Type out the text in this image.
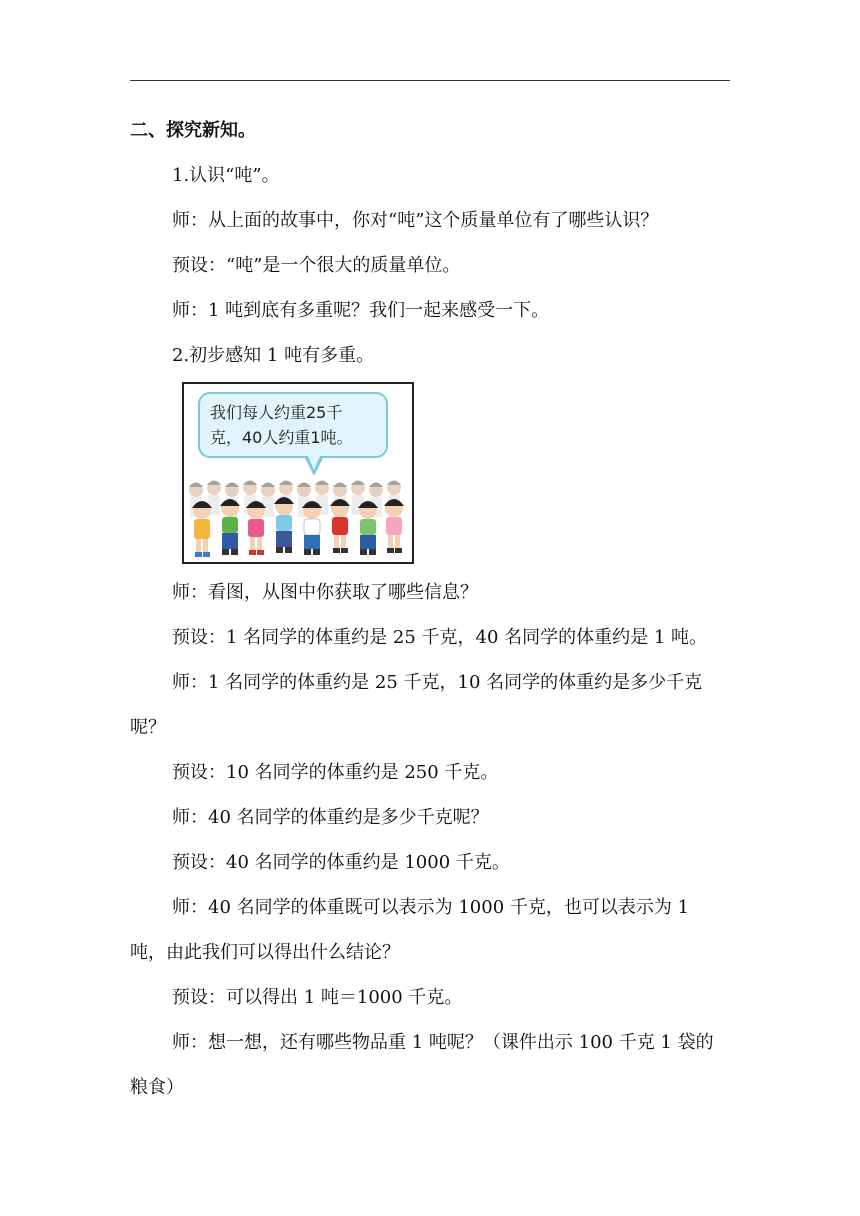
二、探究新知。

1.认识“吨”。

师：从上面的故事中，你对“吨”这个质量单位有了哪些认识？

预设：“吨”是一个很大的质量单位。

师：1 吨到底有多重呢？我们一起来感受一下。

2.初步感知 1 吨有多重。

我们每人约重25千
克，40人约重1吨。

师：看图，从图中你获取了哪些信息？

预设：1 名同学的体重约是 25 千克，40 名同学的体重约是 1 吨。

师：1 名同学的体重约是 25 千克，10 名同学的体重约是多少千克呢？

预设：10 名同学的体重约是 250 千克。

师：40 名同学的体重约是多少千克呢？

预设：40 名同学的体重约是 1000 千克。

师：40 名同学的体重既可以表示为 1000 千克，也可以表示为 1 吨，由此我们可以得出什么结论？

预设：可以得出 1 吨＝1000 千克。

师：想一想，还有哪些物品重 1 吨呢？（课件出示 100 千克 1 袋的粮食）
